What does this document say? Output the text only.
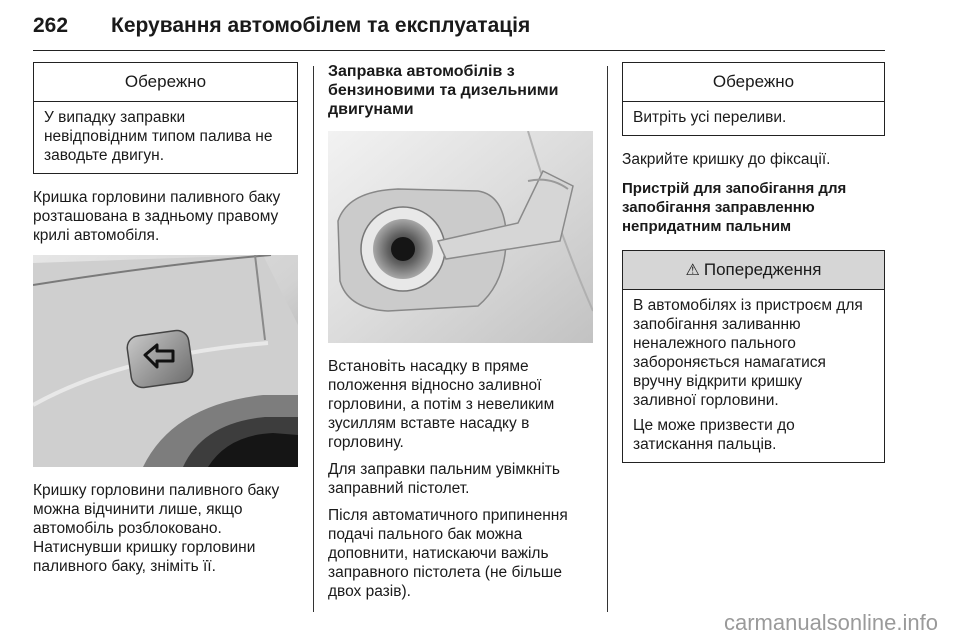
262 Керування автомобілем та експлуатація
Обережно
У випадку заправки
невідповідним типом палива не
заводьте двигун.
Кришка горловини паливного баку
розташована в задньому правому
крилі автомобіля.
Кришку горловини паливного баку
можна відчинити лише, якщо
автомобіль розблоковано.
Натиснувши кришку горловини
паливного баку, зніміть її.
Заправка автомобілів з
бензиновими та дизельними
двигунами
Встановіть насадку в пряме
положення відносно заливної
горловини, а потім з невеликим
зусиллям вставте насадку в
горловину.
Для заправки пальним увімкніть
заправний пістолет.
Після автоматичного припинення
подачі пального бак можна
доповнити, натискаючи важіль
заправного пістолета (не більше
двох разів).
Обережно
Витріть усі переливи.
Закрийте кришку до фіксації.
Пристрій для запобігання для
запобігання заправленню
непридатним пальним
⚠ Попередження

В автомобілях із пристроєм для
запобігання заливанню
неналежного пального
забороняється намагатися
вручну відкрити кришку
заливної горловини.

Це може призвести до
затискання пальців.

carmanualsonline.info
